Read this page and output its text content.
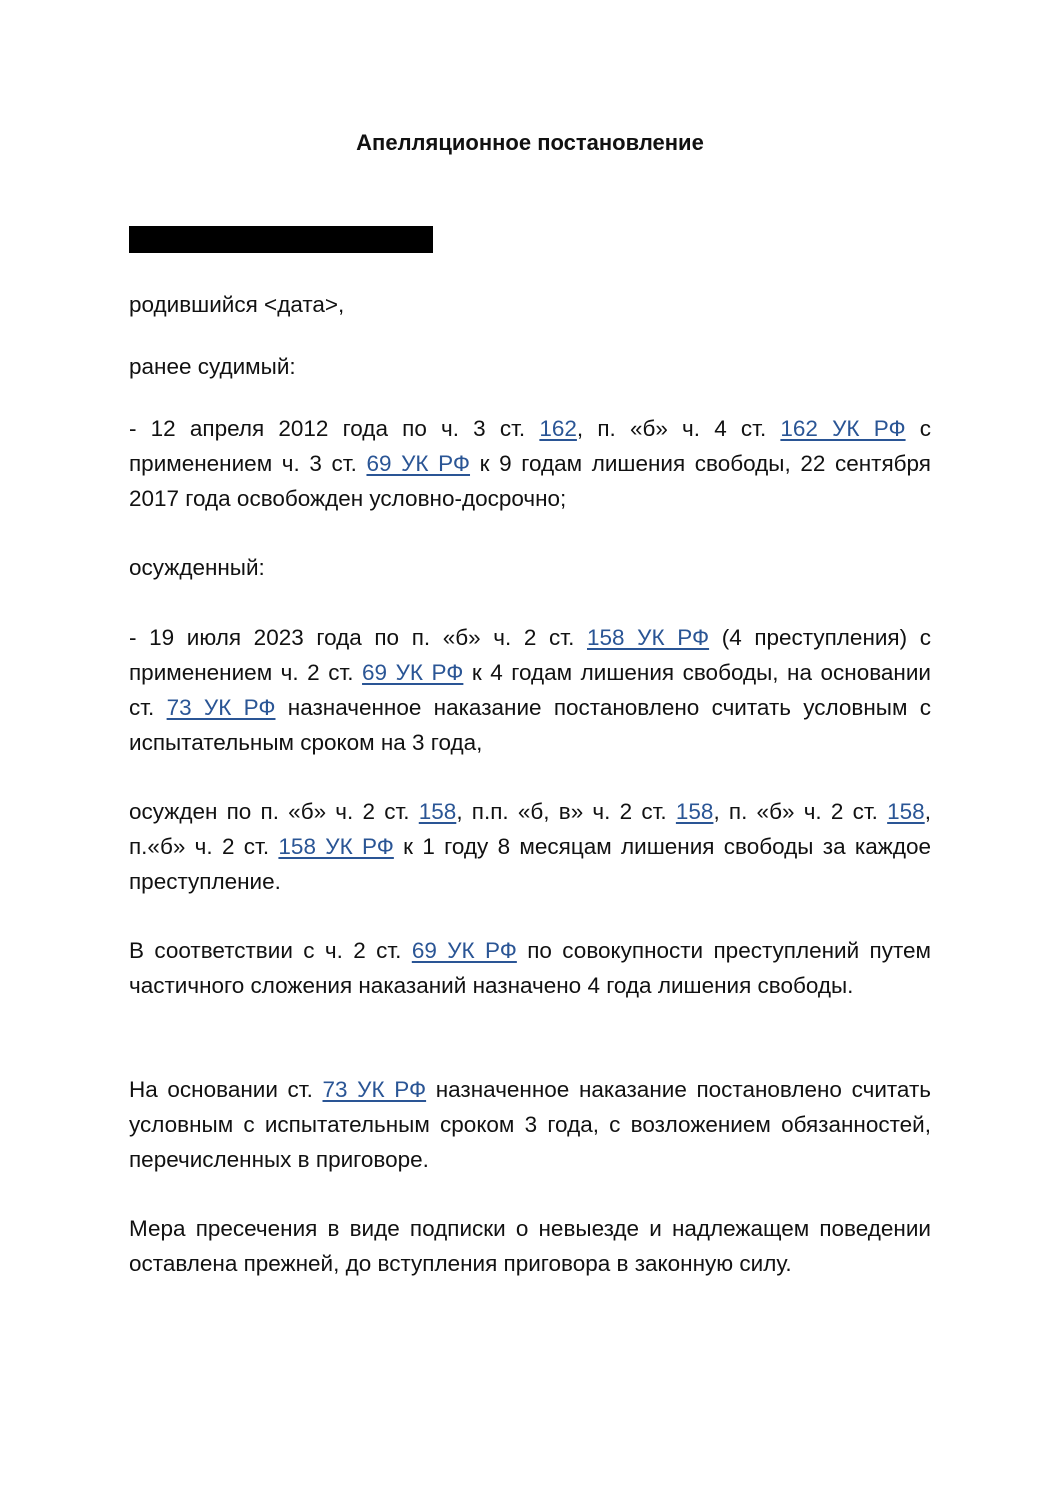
Апелляционное постановление

родившийся <дата>,

ранее судимый:

- 12 апреля 2012 года по ч. 3 ст. 162, п. «б» ч. 4 ст. 162 УК РФ с применением ч. 3 ст. 69 УК РФ к 9 годам лишения свободы, 22 сентября 2017 года освобожден условно-досрочно;

осужденный:

- 19 июля 2023 года по п. «б» ч. 2 ст. 158 УК РФ (4 преступления) с применением ч. 2 ст. 69 УК РФ к 4 годам лишения свободы, на основании ст. 73 УК РФ назначенное наказание постановлено считать условным с испытательным сроком на 3 года,

осужден по п. «б» ч. 2 ст. 158, п.п. «б, в» ч. 2 ст. 158, п. «б» ч. 2 ст. 158, п.«б» ч. 2 ст. 158 УК РФ к 1 году 8 месяцам лишения свободы за каждое преступление.

В соответствии с ч. 2 ст. 69 УК РФ по совокупности преступлений путем частичного сложения наказаний назначено 4 года лишения свободы.

На основании ст. 73 УК РФ назначенное наказание постановлено считать условным с испытательным сроком 3 года, с возложением обязанностей, перечисленных в приговоре.

Мера пресечения в виде подписки о невыезде и надлежащем поведении оставлена прежней, до вступления приговора в законную силу.
